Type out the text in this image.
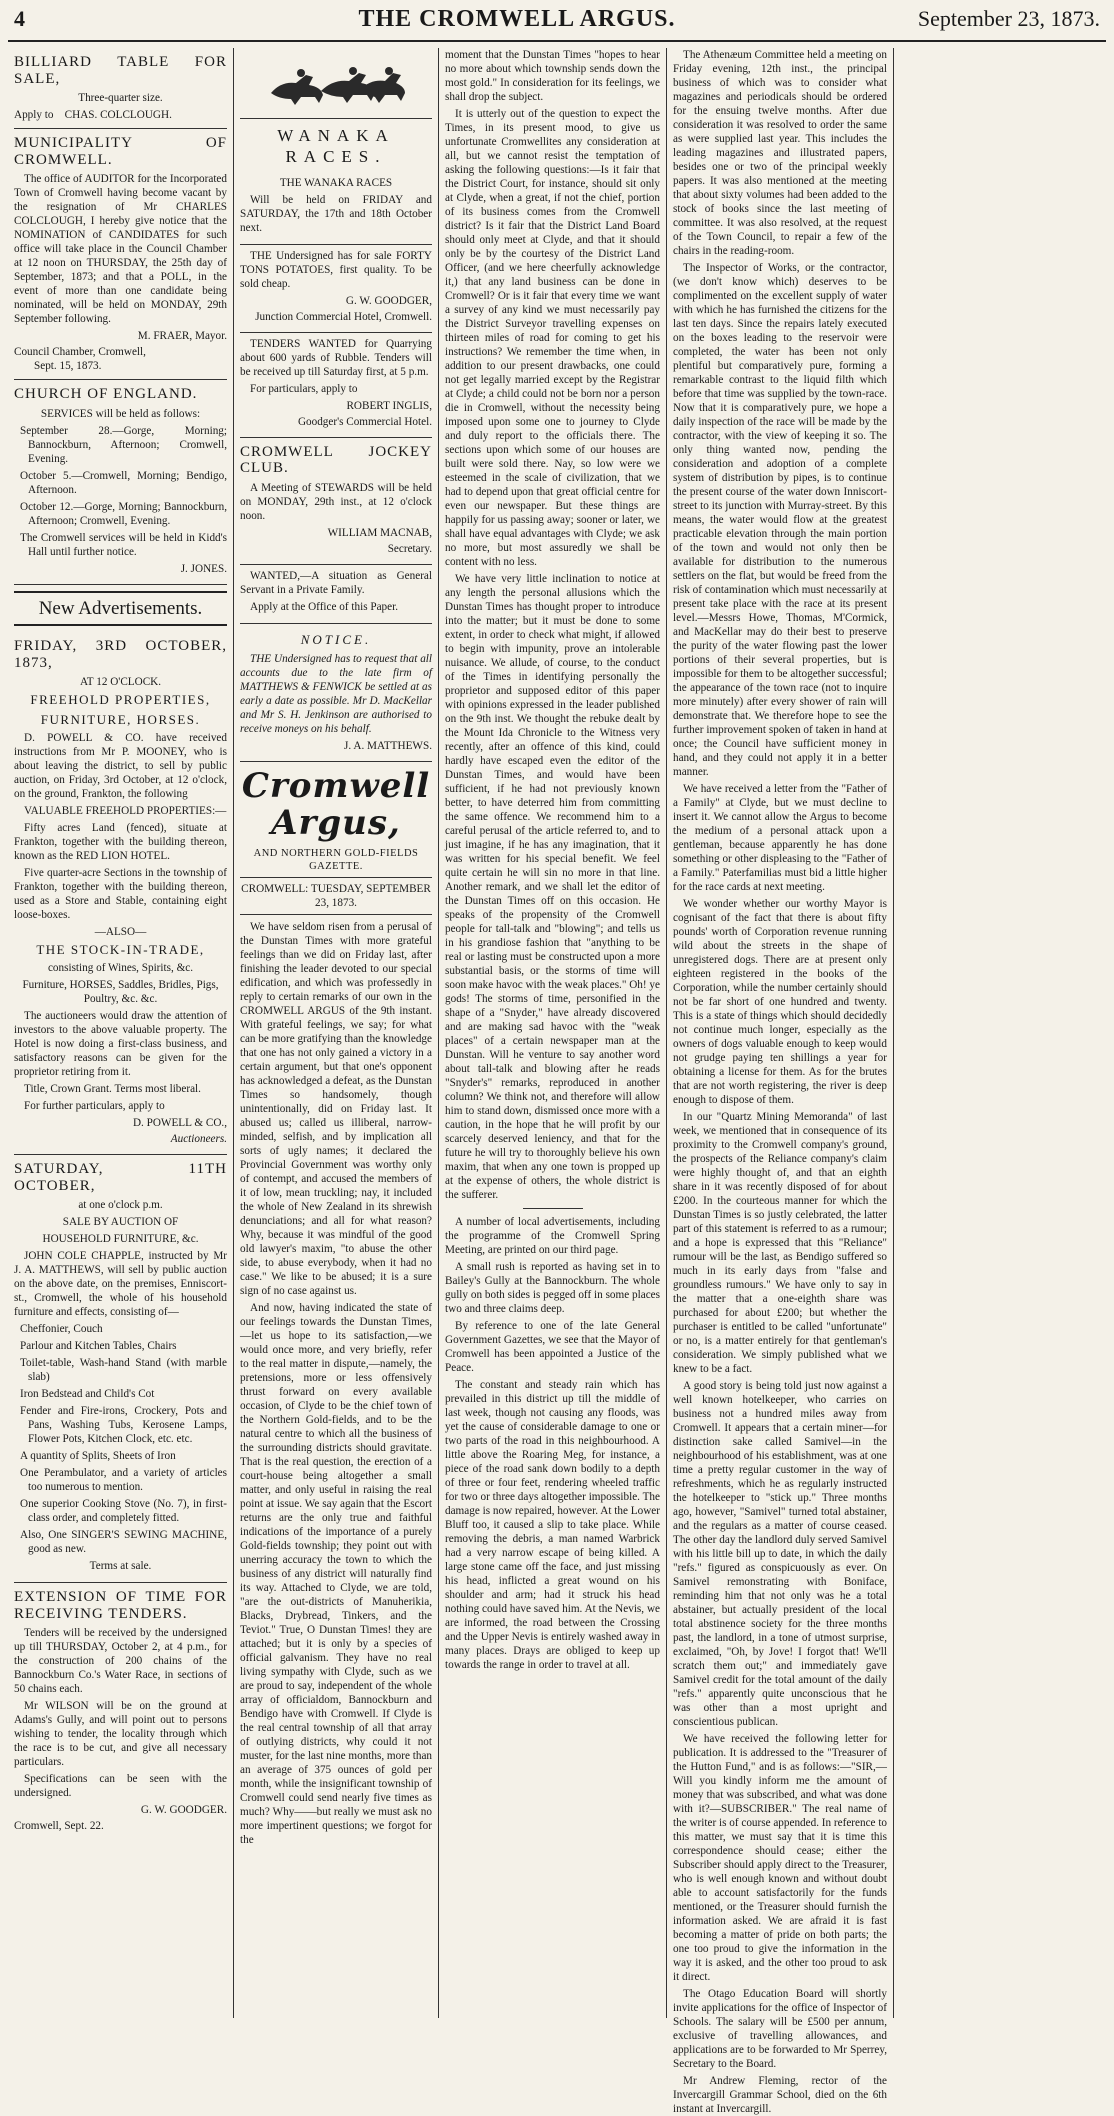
4	THE CROMWELL ARGUS.	September 23, 1873.
BILLIARD TABLE FOR SALE,

Three-quarter size.

Apply to CHAS. COLCLOUGH.

MUNICIPALITY OF CROMWELL.

The office of AUDITOR for the Incorporated Town of Cromwell having become vacant by the resignation of Mr CHARLES COLCLOUGH, I hereby give notice that the NOMINATION of CANDIDATES for such office will take place in the Council Chamber at 12 noon on THURSDAY, the 25th day of September, 1873; and that a POLL, in the event of more than one candidate being nominated, will be held on MONDAY, 29th September following.

M. FRAER, Mayor.

Council Chamber, Cromwell,

Sept. 15, 1873.

CHURCH OF ENGLAND.

SERVICES will be held as follows:

September 28.—Gorge, Morning; Bannockburn, Afternoon; Cromwell, Evening.

October 5.—Cromwell, Morning; Bendigo, Afternoon.

October 12.—Gorge, Morning; Bannockburn, Afternoon; Cromwell, Evening.

The Cromwell services will be held in Kidd's Hall until further notice.

J. JONES.

New Advertisements.
FRIDAY, 3RD OCTOBER, 1873,

AT 12 O'CLOCK.

FREEHOLD PROPERTIES,

FURNITURE, HORSES.

D. POWELL & CO. have received instructions from Mr P. MOONEY, who is about leaving the district, to sell by public auction, on Friday, 3rd October, at 12 o'clock, on the ground, Frankton, the following

VALUABLE FREEHOLD PROPERTIES:—

Fifty acres Land (fenced), situate at Frankton, together with the building thereon, known as the RED LION HOTEL.

Five quarter-acre Sections in the township of Frankton, together with the building thereon, used as a Store and Stable, containing eight loose-boxes.

—ALSO—

THE STOCK-IN-TRADE,

consisting of Wines, Spirits, &c.

Furniture, HORSES, Saddles, Bridles, Pigs, Poultry, &c. &c.

The auctioneers would draw the attention of investors to the above valuable property. The Hotel is now doing a first-class business, and satisfactory reasons can be given for the proprietor retiring from it.

Title, Crown Grant. Terms most liberal.

For further particulars, apply to

D. POWELL & CO.,

Auctioneers.

SATURDAY, 11TH OCTOBER,

at one o'clock p.m.

SALE BY AUCTION OF

HOUSEHOLD FURNITURE, &c.

JOHN COLE CHAPPLE, instructed by Mr J. A. MATTHEWS, will sell by public auction on the above date, on the premises, Enniscort-st., Cromwell, the whole of his household furniture and effects, consisting of—

Cheffonier, Couch

Parlour and Kitchen Tables, Chairs

Toilet-table, Wash-hand Stand (with marble slab)

Iron Bedstead and Child's Cot

Fender and Fire-irons, Crockery, Pots and Pans, Washing Tubs, Kerosene Lamps, Flower Pots, Kitchen Clock, etc. etc.

A quantity of Splits, Sheets of Iron

One Perambulator, and a variety of articles too numerous to mention.

One superior Cooking Stove (No. 7), in first-class order, and completely fitted.

Also, One SINGER'S SEWING MACHINE, good as new.

Terms at sale.

EXTENSION OF TIME FOR RECEIVING TENDERS.

Tenders will be received by the undersigned up till THURSDAY, October 2, at 4 p.m., for the construction of 200 chains of the Bannockburn Co.'s Water Race, in sections of 50 chains each.

Mr WILSON will be on the ground at Adams's Gully, and will point out to persons wishing to tender, the locality through which the race is to be cut, and give all necessary particulars.

Specifications can be seen with the undersigned.

G. W. GOODGER.

Cromwell, Sept. 22.

WANAKA RACES.

THE WANAKA RACES

Will be held on FRIDAY and SATURDAY, the 17th and 18th October next.

THE Undersigned has for sale FORTY TONS POTATOES, first quality. To be sold cheap.

G. W. GOODGER,

Junction Commercial Hotel, Cromwell.

TENDERS WANTED for Quarrying about 600 yards of Rubble. Tenders will be received up till Saturday first, at 5 p.m.

For particulars, apply to

ROBERT INGLIS,

Goodger's Commercial Hotel.

CROMWELL JOCKEY CLUB.

A Meeting of STEWARDS will be held on MONDAY, 29th inst., at 12 o'clock noon.

WILLIAM MACNAB,

Secretary.

WANTED,—A situation as General Servant in a Private Family.

Apply at the Office of this Paper.

NOTICE.

THE Undersigned has to request that all accounts due to the late firm of MATTHEWS & FENWICK be settled at as early a date as possible. Mr D. MacKellar and Mr S. H. Jenkinson are authorised to receive moneys on his behalf.

J. A. MATTHEWS.

Cromwell Argus,
AND NORTHERN GOLD-FIELDS GAZETTE.

CROMWELL: TUESDAY, SEPTEMBER 23, 1873.

We have seldom risen from a perusal of the Dunstan Times with more grateful feelings than we did on Friday last, after finishing the leader devoted to our special edification, and which was professedly in reply to certain remarks of our own in the CROMWELL ARGUS of the 9th instant. With grateful feelings, we say; for what can be more gratifying than the knowledge that one has not only gained a victory in a certain argument, but that one's opponent has acknowledged a defeat, as the Dunstan Times so handsomely, though unintentionally, did on Friday last. It abused us; called us illiberal, narrow-minded, selfish, and by implication all sorts of ugly names; it declared the Provincial Government was worthy only of contempt, and accused the members of it of low, mean truckling; nay, it included the whole of New Zealand in its shrewish denunciations; and all for what reason? Why, because it was mindful of the good old lawyer's maxim, "to abuse the other side, to abuse everybody, when it had no case." We like to be abused; it is a sure sign of no case against us.

And now, having indicated the state of our feelings towards the Dunstan Times, —let us hope to its satisfaction,—we would once more, and very briefly, refer to the real matter in dispute,—namely, the pretensions, more or less offensively thrust forward on every available occasion, of Clyde to be the chief town of the Northern Gold-fields, and to be the natural centre to which all the business of the surrounding districts should gravitate. That is the real question, the erection of a court-house being altogether a small matter, and only useful in raising the real point at issue. We say again that the Escort returns are the only true and faithful indications of the importance of a purely Gold-fields township; they point out with unerring accuracy the town to which the business of any district will naturally find its way. Attached to Clyde, we are told, "are the out-districts of Manuherikia, Blacks, Drybread, Tinkers, and the Teviot." True, O Dunstan Times! they are attached; but it is only by a species of official galvanism. They have no real living sympathy with Clyde, such as we are proud to say, independent of the whole array of officialdom, Bannockburn and Bendigo have with Cromwell. If Clyde is the real central township of all that array of outlying districts, why could it not muster, for the last nine months, more than an average of 375 ounces of gold per month, while the insignificant township of Cromwell could send nearly five times as much? Why——but really we must ask no more impertinent questions; we forgot for the

moment that the Dunstan Times "hopes to hear no more about which township sends down the most gold." In consideration for its feelings, we shall drop the subject.

It is utterly out of the question to expect the Times, in its present mood, to give us unfortunate Cromwellites any consideration at all, but we cannot resist the temptation of asking the following questions:—Is it fair that the District Court, for instance, should sit only at Clyde, when a great, if not the chief, portion of its business comes from the Cromwell district? Is it fair that the District Land Board should only meet at Clyde, and that it should only be by the courtesy of the District Land Officer, (and we here cheerfully acknowledge it,) that any land business can be done in Cromwell? Or is it fair that every time we want a survey of any kind we must necessarily pay the District Surveyor travelling expenses on thirteen miles of road for coming to get his instructions? We remember the time when, in addition to our present drawbacks, one could not get legally married except by the Registrar at Clyde; a child could not be born nor a person die in Cromwell, without the necessity being imposed upon some one to journey to Clyde and duly report to the officials there. The sections upon which some of our houses are built were sold there. Nay, so low were we esteemed in the scale of civilization, that we had to depend upon that great official centre for even our newspaper. But these things are happily for us passing away; sooner or later, we shall have equal advantages with Clyde; we ask no more, but most assuredly we shall be content with no less.

We have very little inclination to notice at any length the personal allusions which the Dunstan Times has thought proper to introduce into the matter; but it must be done to some extent, in order to check what might, if allowed to begin with impunity, prove an intolerable nuisance. We allude, of course, to the conduct of the Times in identifying personally the proprietor and supposed editor of this paper with opinions expressed in the leader published on the 9th inst. We thought the rebuke dealt by the Mount Ida Chronicle to the Witness very recently, after an offence of this kind, could hardly have escaped even the editor of the Dunstan Times, and would have been sufficient, if he had not previously known better, to have deterred him from committing the same offence. We recommend him to a careful perusal of the article referred to, and to just imagine, if he has any imagination, that it was written for his special benefit. We feel quite certain he will sin no more in that line. Another remark, and we shall let the editor of the Dunstan Times off on this occasion. He speaks of the propensity of the Cromwell people for tall-talk and "blowing"; and tells us in his grandiose fashion that "anything to be real or lasting must be constructed upon a more substantial basis, or the storms of time will soon make havoc with the weak places." Oh! ye gods! The storms of time, personified in the shape of a "Snyder," have already discovered and are making sad havoc with the "weak places" of a certain newspaper man at the Dunstan. Will he venture to say another word about tall-talk and blowing after he reads "Snyder's" remarks, reproduced in another column? We think not, and therefore will allow him to stand down, dismissed once more with a caution, in the hope that he will profit by our scarcely deserved leniency, and that for the future he will try to thoroughly believe his own maxim, that when any one town is propped up at the expense of others, the whole district is the sufferer.

A number of local advertisements, including the programme of the Cromwell Spring Meeting, are printed on our third page.

A small rush is reported as having set in to Bailey's Gully at the Bannockburn. The whole gully on both sides is pegged off in some places two and three claims deep.

By reference to one of the late General Government Gazettes, we see that the Mayor of Cromwell has been appointed a Justice of the Peace.

The constant and steady rain which has prevailed in this district up till the middle of last week, though not causing any floods, was yet the cause of considerable damage to one or two parts of the road in this neighbourhood. A little above the Roaring Meg, for instance, a piece of the road sank down bodily to a depth of three or four feet, rendering wheeled traffic for two or three days altogether impossible. The damage is now repaired, however. At the Lower Bluff too, it caused a slip to take place. While removing the debris, a man named Warbrick had a very narrow escape of being killed. A large stone came off the face, and just missing his head, inflicted a great wound on his shoulder and arm; had it struck his head nothing could have saved him. At the Nevis, we are informed, the road between the Crossing and the Upper Nevis is entirely washed away in many places. Drays are obliged to keep up towards the range in order to travel at all.

The Athenæum Committee held a meeting on Friday evening, 12th inst., the principal business of which was to consider what magazines and periodicals should be ordered for the ensuing twelve months. After due consideration it was resolved to order the same as were supplied last year. This includes the leading magazines and illustrated papers, besides one or two of the principal weekly papers. It was also mentioned at the meeting that about sixty volumes had been added to the stock of books since the last meeting of committee. It was also resolved, at the request of the Town Council, to repair a few of the chairs in the reading-room.

The Inspector of Works, or the contractor, (we don't know which) deserves to be complimented on the excellent supply of water with which he has furnished the citizens for the last ten days. Since the repairs lately executed on the boxes leading to the reservoir were completed, the water has been not only plentiful but comparatively pure, forming a remarkable contrast to the liquid filth which before that time was supplied by the town-race. Now that it is comparatively pure, we hope a daily inspection of the race will be made by the contractor, with the view of keeping it so. The only thing wanted now, pending the consideration and adoption of a complete system of distribution by pipes, is to continue the present course of the water down Inniscort-street to its junction with Murray-street. By this means, the water would flow at the greatest practicable elevation through the main portion of the town and would not only then be available for distribution to the numerous settlers on the flat, but would be freed from the risk of contamination which must necessarily at present take place with the race at its present level.—Messrs Howe, Thomas, M'Cormick, and MacKellar may do their best to preserve the purity of the water flowing past the lower portions of their several properties, but is impossible for them to be altogether successful; the appearance of the town race (not to inquire more minutely) after every shower of rain will demonstrate that. We therefore hope to see the further improvement spoken of taken in hand at once; the Council have sufficient money in hand, and they could not apply it in a better manner.

We have received a letter from the "Father of a Family" at Clyde, but we must decline to insert it. We cannot allow the Argus to become the medium of a personal attack upon a gentleman, because apparently he has done something or other displeasing to the "Father of a Family." Paterfamilias must bid a little higher for the race cards at next meeting.

We wonder whether our worthy Mayor is cognisant of the fact that there is about fifty pounds' worth of Corporation revenue running wild about the streets in the shape of unregistered dogs. There are at present only eighteen registered in the books of the Corporation, while the number certainly should not be far short of one hundred and twenty. This is a state of things which should decidedly not continue much longer, especially as the owners of dogs valuable enough to keep would not grudge paying ten shillings a year for obtaining a license for them. As for the brutes that are not worth registering, the river is deep enough to dispose of them.

In our "Quartz Mining Memoranda" of last week, we mentioned that in consequence of its proximity to the Cromwell company's ground, the prospects of the Reliance company's claim were highly thought of, and that an eighth share in it was recently disposed of for about £200. In the courteous manner for which the Dunstan Times is so justly celebrated, the latter part of this statement is referred to as a rumour; and a hope is expressed that this "Reliance" rumour will be the last, as Bendigo suffered so much in its early days from "false and groundless rumours." We have only to say in the matter that a one-eighth share was purchased for about £200; but whether the purchaser is entitled to be called "unfortunate" or no, is a matter entirely for that gentleman's consideration. We simply published what we knew to be a fact.

A good story is being told just now against a well known hotelkeeper, who carries on business not a hundred miles away from Cromwell. It appears that a certain miner—for distinction sake called Samivel—in the neighbourhood of his establishment, was at one time a pretty regular customer in the way of refreshments, which he as regularly instructed the hotelkeeper to "stick up." Three months ago, however, "Samivel" turned total abstainer, and the regulars as a matter of course ceased. The other day the landlord duly served Samivel with his little bill up to date, in which the daily "refs." figured as conspicuously as ever. On Samivel remonstrating with Boniface, reminding him that not only was he a total abstainer, but actually president of the local total abstinence society for the three months past, the landlord, in a tone of utmost surprise, exclaimed, "Oh, by Jove! I forgot that! We'll scratch them out;" and immediately gave Samivel credit for the total amount of the daily "refs." apparently quite unconscious that he was other than a most upright and conscientious publican.

We have received the following letter for publication. It is addressed to the "Treasurer of the Hutton Fund," and is as follows:—"SIR,—Will you kindly inform me the amount of money that was subscribed, and what was done with it?—SUBSCRIBER." The real name of the writer is of course appended. In reference to this matter, we must say that it is time this correspondence should cease; either the Subscriber should apply direct to the Treasurer, who is well enough known and without doubt able to account satisfactorily for the funds mentioned, or the Treasurer should furnish the information asked. We are afraid it is fast becoming a matter of pride on both parts; the one too proud to give the information in the way it is asked, and the other too proud to ask it direct.

The Otago Education Board will shortly invite applications for the office of Inspector of Schools. The salary will be £500 per annum, exclusive of travelling allowances, and applications are to be forwarded to Mr Sperrey, Secretary to the Board.

Mr Andrew Fleming, rector of the Invercargill Grammar School, died on the 6th instant at Invercargill.
